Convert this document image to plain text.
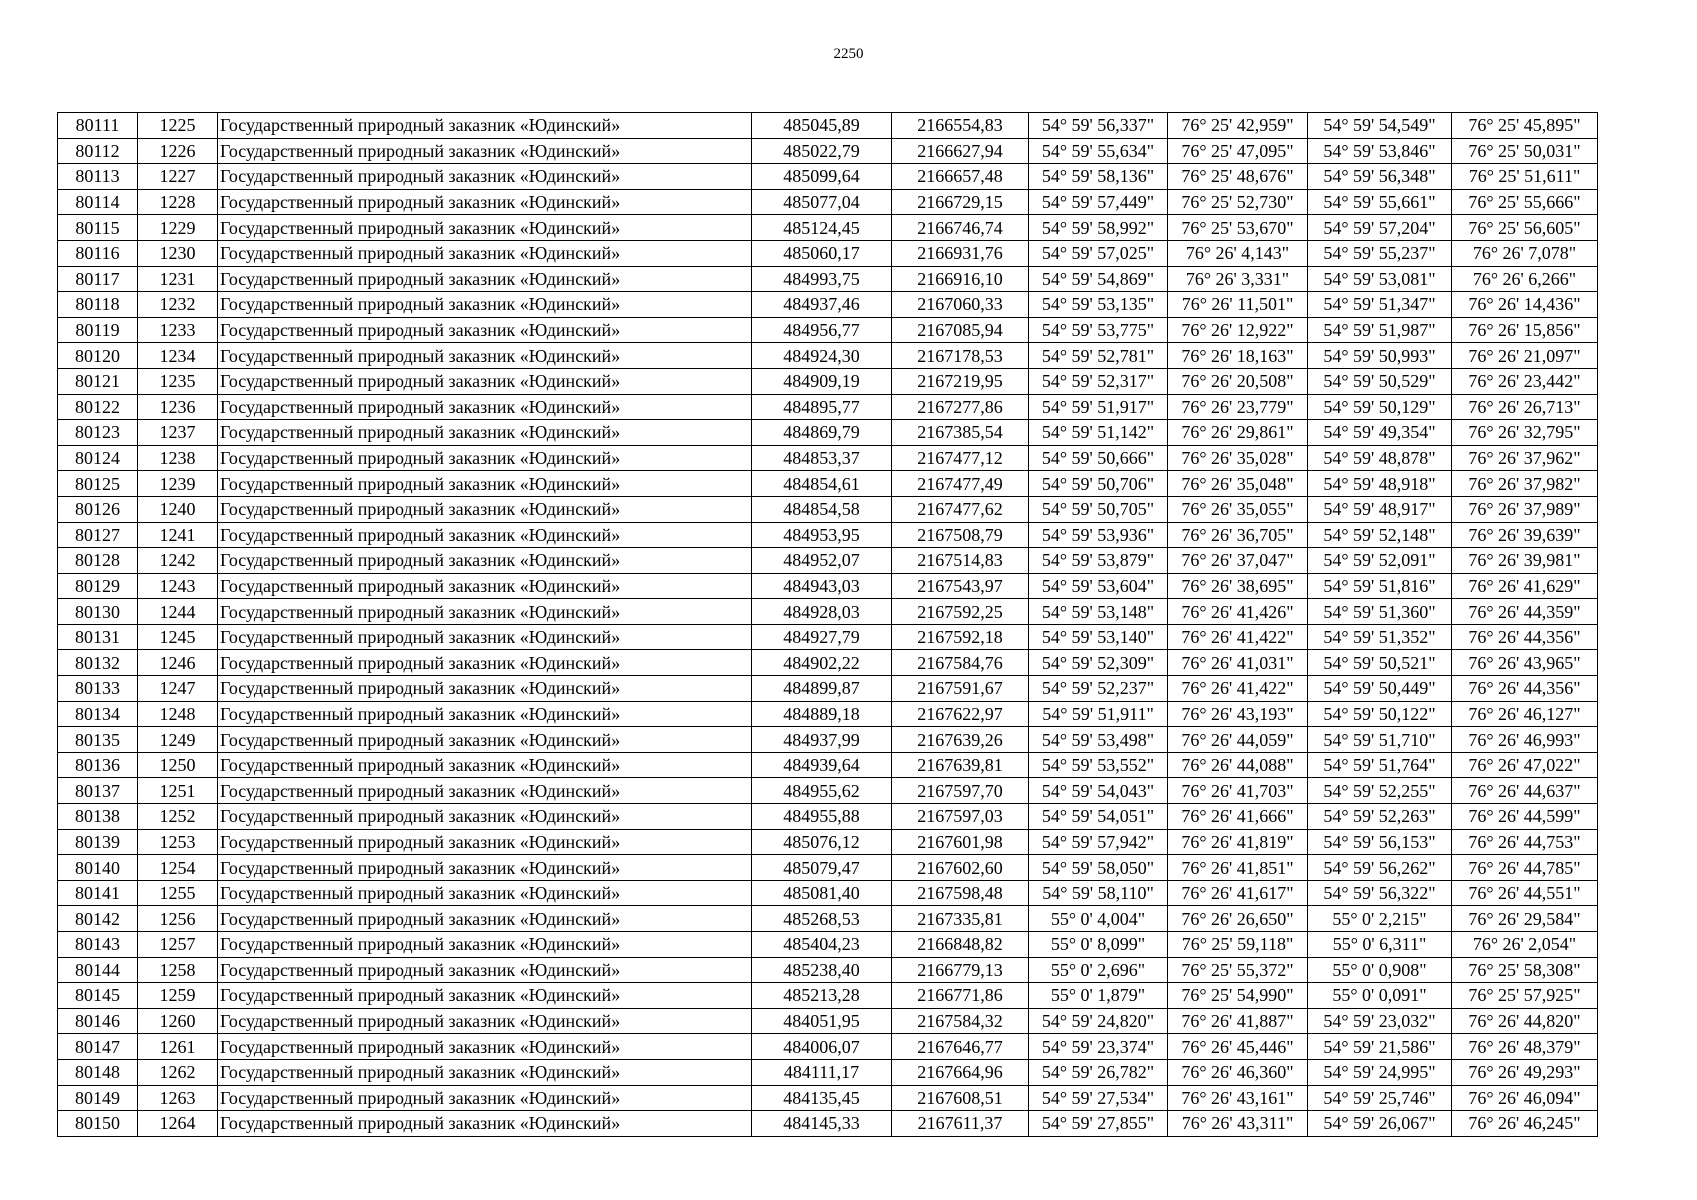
2250
80111	1225	Государственный природный заказник «Юдинский»	485045,89	2166554,83	54° 59' 56,337"	76° 25' 42,959"	54° 59' 54,549"	76° 25' 45,895"
80112	1226	Государственный природный заказник «Юдинский»	485022,79	2166627,94	54° 59' 55,634"	76° 25' 47,095"	54° 59' 53,846"	76° 25' 50,031"
80113	1227	Государственный природный заказник «Юдинский»	485099,64	2166657,48	54° 59' 58,136"	76° 25' 48,676"	54° 59' 56,348"	76° 25' 51,611"
80114	1228	Государственный природный заказник «Юдинский»	485077,04	2166729,15	54° 59' 57,449"	76° 25' 52,730"	54° 59' 55,661"	76° 25' 55,666"
80115	1229	Государственный природный заказник «Юдинский»	485124,45	2166746,74	54° 59' 58,992"	76° 25' 53,670"	54° 59' 57,204"	76° 25' 56,605"
80116	1230	Государственный природный заказник «Юдинский»	485060,17	2166931,76	54° 59' 57,025"	76° 26' 4,143"	54° 59' 55,237"	76° 26' 7,078"
80117	1231	Государственный природный заказник «Юдинский»	484993,75	2166916,10	54° 59' 54,869"	76° 26' 3,331"	54° 59' 53,081"	76° 26' 6,266"
80118	1232	Государственный природный заказник «Юдинский»	484937,46	2167060,33	54° 59' 53,135"	76° 26' 11,501"	54° 59' 51,347"	76° 26' 14,436"
80119	1233	Государственный природный заказник «Юдинский»	484956,77	2167085,94	54° 59' 53,775"	76° 26' 12,922"	54° 59' 51,987"	76° 26' 15,856"
80120	1234	Государственный природный заказник «Юдинский»	484924,30	2167178,53	54° 59' 52,781"	76° 26' 18,163"	54° 59' 50,993"	76° 26' 21,097"
80121	1235	Государственный природный заказник «Юдинский»	484909,19	2167219,95	54° 59' 52,317"	76° 26' 20,508"	54° 59' 50,529"	76° 26' 23,442"
80122	1236	Государственный природный заказник «Юдинский»	484895,77	2167277,86	54° 59' 51,917"	76° 26' 23,779"	54° 59' 50,129"	76° 26' 26,713"
80123	1237	Государственный природный заказник «Юдинский»	484869,79	2167385,54	54° 59' 51,142"	76° 26' 29,861"	54° 59' 49,354"	76° 26' 32,795"
80124	1238	Государственный природный заказник «Юдинский»	484853,37	2167477,12	54° 59' 50,666"	76° 26' 35,028"	54° 59' 48,878"	76° 26' 37,962"
80125	1239	Государственный природный заказник «Юдинский»	484854,61	2167477,49	54° 59' 50,706"	76° 26' 35,048"	54° 59' 48,918"	76° 26' 37,982"
80126	1240	Государственный природный заказник «Юдинский»	484854,58	2167477,62	54° 59' 50,705"	76° 26' 35,055"	54° 59' 48,917"	76° 26' 37,989"
80127	1241	Государственный природный заказник «Юдинский»	484953,95	2167508,79	54° 59' 53,936"	76° 26' 36,705"	54° 59' 52,148"	76° 26' 39,639"
80128	1242	Государственный природный заказник «Юдинский»	484952,07	2167514,83	54° 59' 53,879"	76° 26' 37,047"	54° 59' 52,091"	76° 26' 39,981"
80129	1243	Государственный природный заказник «Юдинский»	484943,03	2167543,97	54° 59' 53,604"	76° 26' 38,695"	54° 59' 51,816"	76° 26' 41,629"
80130	1244	Государственный природный заказник «Юдинский»	484928,03	2167592,25	54° 59' 53,148"	76° 26' 41,426"	54° 59' 51,360"	76° 26' 44,359"
80131	1245	Государственный природный заказник «Юдинский»	484927,79	2167592,18	54° 59' 53,140"	76° 26' 41,422"	54° 59' 51,352"	76° 26' 44,356"
80132	1246	Государственный природный заказник «Юдинский»	484902,22	2167584,76	54° 59' 52,309"	76° 26' 41,031"	54° 59' 50,521"	76° 26' 43,965"
80133	1247	Государственный природный заказник «Юдинский»	484899,87	2167591,67	54° 59' 52,237"	76° 26' 41,422"	54° 59' 50,449"	76° 26' 44,356"
80134	1248	Государственный природный заказник «Юдинский»	484889,18	2167622,97	54° 59' 51,911"	76° 26' 43,193"	54° 59' 50,122"	76° 26' 46,127"
80135	1249	Государственный природный заказник «Юдинский»	484937,99	2167639,26	54° 59' 53,498"	76° 26' 44,059"	54° 59' 51,710"	76° 26' 46,993"
80136	1250	Государственный природный заказник «Юдинский»	484939,64	2167639,81	54° 59' 53,552"	76° 26' 44,088"	54° 59' 51,764"	76° 26' 47,022"
80137	1251	Государственный природный заказник «Юдинский»	484955,62	2167597,70	54° 59' 54,043"	76° 26' 41,703"	54° 59' 52,255"	76° 26' 44,637"
80138	1252	Государственный природный заказник «Юдинский»	484955,88	2167597,03	54° 59' 54,051"	76° 26' 41,666"	54° 59' 52,263"	76° 26' 44,599"
80139	1253	Государственный природный заказник «Юдинский»	485076,12	2167601,98	54° 59' 57,942"	76° 26' 41,819"	54° 59' 56,153"	76° 26' 44,753"
80140	1254	Государственный природный заказник «Юдинский»	485079,47	2167602,60	54° 59' 58,050"	76° 26' 41,851"	54° 59' 56,262"	76° 26' 44,785"
80141	1255	Государственный природный заказник «Юдинский»	485081,40	2167598,48	54° 59' 58,110"	76° 26' 41,617"	54° 59' 56,322"	76° 26' 44,551"
80142	1256	Государственный природный заказник «Юдинский»	485268,53	2167335,81	55° 0' 4,004"	76° 26' 26,650"	55° 0' 2,215"	76° 26' 29,584"
80143	1257	Государственный природный заказник «Юдинский»	485404,23	2166848,82	55° 0' 8,099"	76° 25' 59,118"	55° 0' 6,311"	76° 26' 2,054"
80144	1258	Государственный природный заказник «Юдинский»	485238,40	2166779,13	55° 0' 2,696"	76° 25' 55,372"	55° 0' 0,908"	76° 25' 58,308"
80145	1259	Государственный природный заказник «Юдинский»	485213,28	2166771,86	55° 0' 1,879"	76° 25' 54,990"	55° 0' 0,091"	76° 25' 57,925"
80146	1260	Государственный природный заказник «Юдинский»	484051,95	2167584,32	54° 59' 24,820"	76° 26' 41,887"	54° 59' 23,032"	76° 26' 44,820"
80147	1261	Государственный природный заказник «Юдинский»	484006,07	2167646,77	54° 59' 23,374"	76° 26' 45,446"	54° 59' 21,586"	76° 26' 48,379"
80148	1262	Государственный природный заказник «Юдинский»	484111,17	2167664,96	54° 59' 26,782"	76° 26' 46,360"	54° 59' 24,995"	76° 26' 49,293"
80149	1263	Государственный природный заказник «Юдинский»	484135,45	2167608,51	54° 59' 27,534"	76° 26' 43,161"	54° 59' 25,746"	76° 26' 46,094"
80150	1264	Государственный природный заказник «Юдинский»	484145,33	2167611,37	54° 59' 27,855"	76° 26' 43,311"	54° 59' 26,067"	76° 26' 46,245"
